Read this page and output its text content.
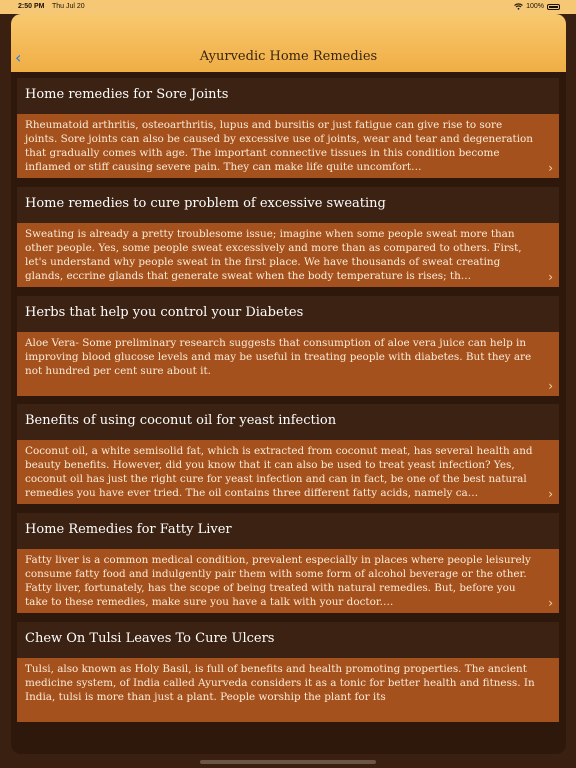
2:50 PM Thu Jul 20	100%
‹	Ayurvedic Home Remedies
Home remedies for Sore Joints
Rheumatoid arthritis, osteoarthritis, lupus and bursitis or just fatigue can give rise to sore joints. Sore joints can also be caused by excessive use of joints, wear and tear and degeneration that gradually comes with age. The important connective tissues in this condition become inflamed or stiff causing severe pain. They can make life quite uncomfort…	›
Home remedies to cure problem of excessive sweating
Sweating is already a pretty troublesome issue; imagine when some people sweat more than other people. Yes, some people sweat excessively and more than as compared to others. First, let's understand why people sweat in the first place. We have thousands of sweat creating glands, eccrine glands that generate sweat when the body temperature is rises; th…	›
Herbs that help you control your Diabetes
Aloe Vera- Some preliminary research suggests that consumption of aloe vera juice can help in improving blood glucose levels and may be useful in treating people with diabetes. But they are not hundred per cent sure about it.
›
Benefits of using coconut oil for yeast infection
Coconut oil, a white semisolid fat, which is extracted from coconut meat, has several health and beauty benefits. However, did you know that it can also be used to treat yeast infection? Yes, coconut oil has just the right cure for yeast infection and can in fact, be one of the best natural remedies you have ever tried. The oil contains three different fatty acids, namely ca…	›
Home Remedies for Fatty Liver
Fatty liver is a common medical condition, prevalent especially in places where people leisurely consume fatty food and indulgently pair them with some form of alcohol beverage or the other. Fatty liver, fortunately, has the scope of being treated with natural remedies. But, before you take to these remedies, make sure you have a talk with your doctor.…	›
Chew On Tulsi Leaves To Cure Ulcers
Tulsi, also known as Holy Basil, is full of benefits and health promoting properties. The ancient medicine system, of India called Ayurveda considers it as a tonic for better health and fitness. In India, tulsi is more than just a plant. People worship the plant for its
